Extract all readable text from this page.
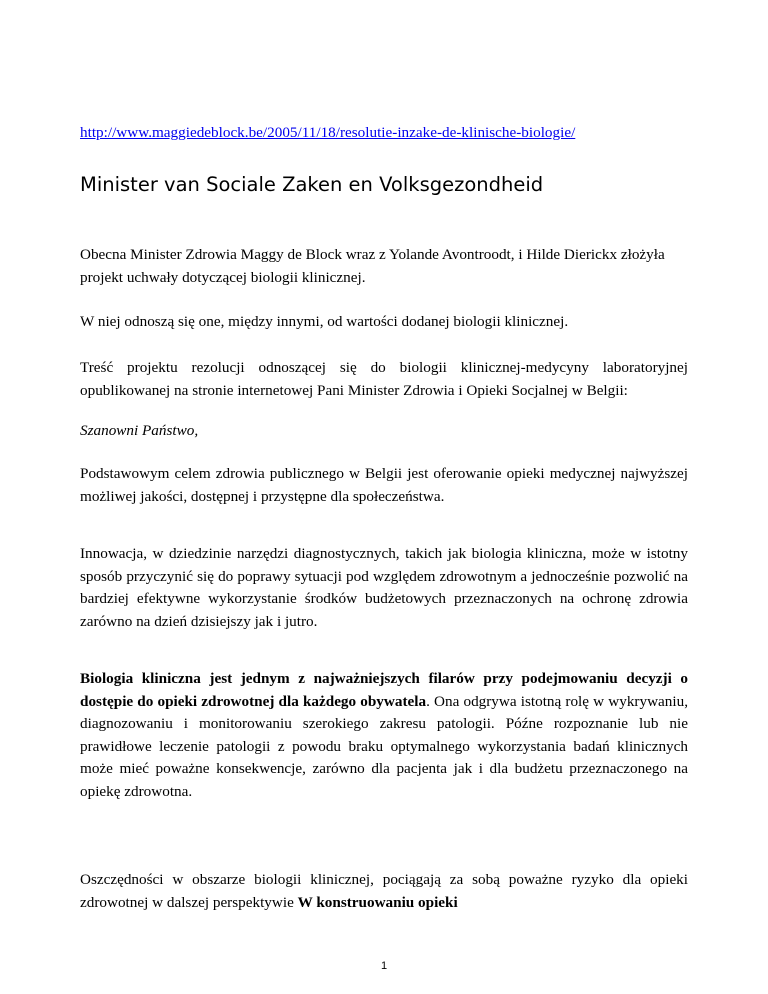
http://www.maggiedeblock.be/2005/11/18/resolutie-inzake-de-klinische-biologie/
Minister van Sociale Zaken en Volksgezondheid

Obecna Minister Zdrowia Maggy de Block wraz z Yolande Avontroodt, i Hilde Dierickx złożyła projekt uchwały dotyczącej biologii klinicznej.

W niej odnoszą się one, między innymi, od wartości dodanej biologii klinicznej.

Treść projektu rezolucji odnoszącej się do biologii klinicznej-medycyny laboratoryjnej opublikowanej na stronie internetowej Pani Minister Zdrowia i Opieki Socjalnej w Belgii:

Szanowni Państwo,

Podstawowym celem zdrowia publicznego w Belgii jest oferowanie opieki medycznej najwyższej możliwej jakości, dostępnej i przystępne dla społeczeństwa.

Innowacja, w dziedzinie narzędzi diagnostycznych, takich jak biologia kliniczna, może w istotny sposób przyczynić się do poprawy sytuacji pod względem zdrowotnym a jednocześnie pozwolić na bardziej efektywne wykorzystanie środków budżetowych przeznaczonych na ochronę zdrowia zarówno na dzień dzisiejszy jak i jutro.

Biologia kliniczna jest jednym z najważniejszych filarów przy podejmowaniu decyzji o dostępie do opieki zdrowotnej dla każdego obywatela. Ona odgrywa istotną rolę w wykrywaniu, diagnozowaniu i monitorowaniu szerokiego zakresu patologii. Późne rozpoznanie lub nie prawidłowe leczenie patologii z powodu braku optymalnego wykorzystania badań klinicznych może mieć poważne konsekwencje, zarówno dla pacjenta jak i dla budżetu przeznaczonego na opiekę zdrowotna.

Oszczędności w obszarze biologii klinicznej, pociągają za sobą poważne ryzyko dla opieki zdrowotnej w dalszej perspektywie W konstruowaniu opieki

1
